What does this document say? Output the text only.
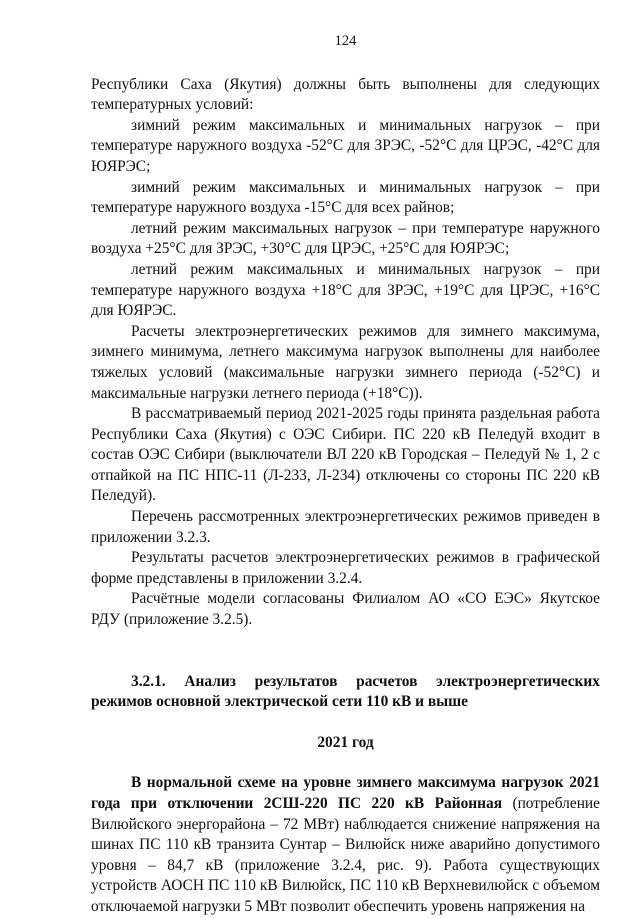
124

Республики Саха (Якутия) должны быть выполнены для следующих температурных условий:

зимний режим максимальных и минимальных нагрузок – при температуре наружного воздуха -52°С для ЗРЭС, -52°С для ЦРЭС, -42°С для ЮЯРЭС;

зимний режим максимальных и минимальных нагрузок – при температуре наружного воздуха -15°С для всех райнов;

летний режим максимальных нагрузок – при температуре наружного воздуха +25°С для ЗРЭС, +30°С для ЦРЭС, +25°С для ЮЯРЭС;

летний режим максимальных и минимальных нагрузок – при температуре наружного воздуха +18°С для ЗРЭС, +19°С для ЦРЭС, +16°С для ЮЯРЭС.

Расчеты электроэнергетических режимов для зимнего максимума, зимнего минимума, летнего максимума нагрузок выполнены для наиболее тяжелых условий (максимальные нагрузки зимнего периода (-52°С) и максимальные нагрузки летнего периода (+18°С)).

В рассматриваемый период 2021-2025 годы принята раздельная работа Республики Саха (Якутия) с ОЭС Сибири. ПС 220 кВ Пеледуй входит в состав ОЭС Сибири (выключатели ВЛ 220 кВ Городская – Пеледуй № 1, 2 с отпайкой на ПС НПС-11 (Л-233, Л-234) отключены со стороны ПС 220 кВ Пеледуй).

Перечень рассмотренных электроэнергетических режимов приведен в приложении 3.2.3.

Результаты расчетов электроэнергетических режимов в графической форме представлены в приложении 3.2.4.

Расчётные модели согласованы Филиалом АО «СО ЕЭС» Якутское РДУ (приложение 3.2.5).

3.2.1. Анализ результатов расчетов электроэнергетических режимов основной электрической сети 110 кВ и выше

2021 год

В нормальной схеме на уровне зимнего максимума нагрузок 2021 года при отключении 2СШ-220 ПС 220 кВ Районная (потребление Вилюйского энергорайона – 72 МВт) наблюдается снижение напряжения на шинах ПС 110 кВ транзита Сунтар – Вилюйск ниже аварийно допустимого уровня – 84,7 кВ (приложение 3.2.4, рис. 9). Работа существующих устройств АОСН ПС 110 кВ Вилюйск, ПС 110 кВ Верхневилюйск с объемом отключаемой нагрузки 5 МВт позволит обеспечить уровень напряжения на
